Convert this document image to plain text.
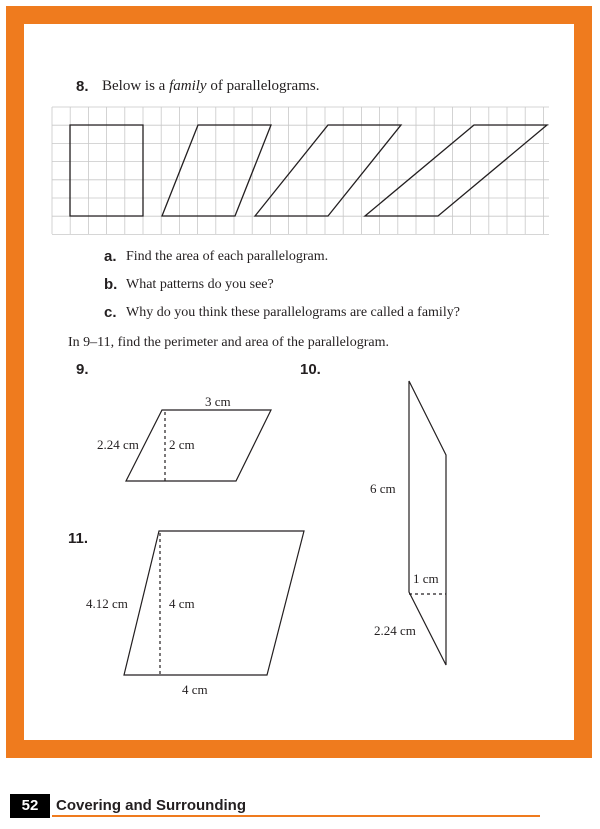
8. Below is a family of parallelograms.
a. Find the area of each parallelogram.
b. What patterns do you see?
c. Why do you think these parallelograms are called a family?
In 9–11, find the perimeter and area of the parallelogram.
9.	10.
11.
3 cm
2.24 cm 2 cm
6 cm
1 cm
2.24 cm
4.12 cm	4 cm
4 cm
52	Covering and Surrounding
